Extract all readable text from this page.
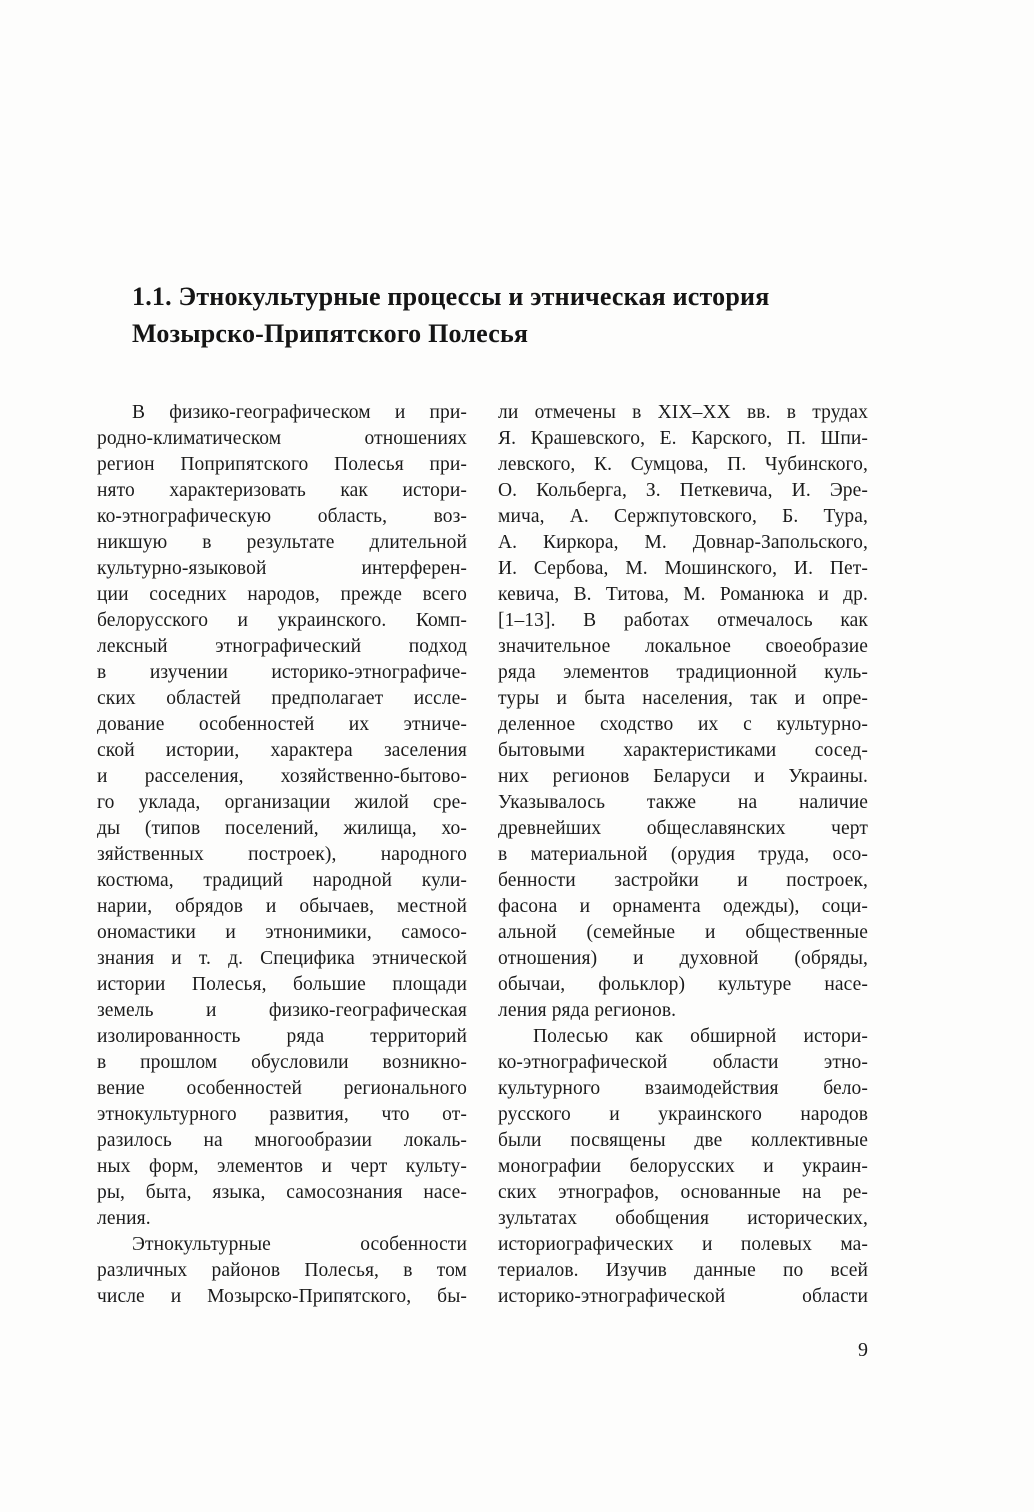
1.1. Этнокультурные процессы и этническая история
Мозырско-Припятского Полесья
В физико-географическом и при-
родно-климатическом отношениях
регион Поприпятского Полесья при-
нято характеризовать как истори-
ко-этнографическую область, воз-
никшую в результате длительной
культурно-языковой интерферен-
ции соседних народов, прежде всего
белорусского и украинского. Комп-
лексный этнографический подход
в изучении историко-этнографиче-
ских областей предполагает иссле-
дование особенностей их этниче-
ской истории, характера заселения
и расселения, хозяйственно-бытово-
го уклада, организации жилой сре-
ды (типов поселений, жилища, хо-
зяйственных построек), народного
костюма, традиций народной кули-
нарии, обрядов и обычаев, местной
ономастики и этнонимики, самосо-
знания и т. д. Специфика этнической
истории Полесья, большие площади
земель и физико-географическая
изолированность ряда территорий
в прошлом обусловили возникно-
вение особенностей регионального
этнокультурного развития, что от-
разилось на многообразии локаль-
ных форм, элементов и черт культу-
ры, быта, языка, самосознания насе-
ления.
Этнокультурные особенности
различных районов Полесья, в том
числе и Мозырско-Припятского, бы-
ли отмечены в XIX–XX вв. в трудах
Я. Крашевского, Е. Карского, П. Шпи-
левского, К. Сумцова, П. Чубинского,
О. Кольберга, З. Петкевича, И. Эре-
мича, А. Сержпутовского, Б. Тура,
А. Киркора, М. Довнар-Запольского,
И. Сербова, М. Мошинского, И. Пет-
кевича, В. Титова, М. Романюка и др.
[1–13]. В работах отмечалось как
значительное локальное своеобразие
ряда элементов традиционной куль-
туры и быта населения, так и опре-
деленное сходство их с культурно-
бытовыми характеристиками сосед-
них регионов Беларуси и Украины.
Указывалось также на наличие
древнейших общеславянских черт
в материальной (орудия труда, осо-
бенности застройки и построек,
фасона и орнамента одежды), соци-
альной (семейные и общественные
отношения) и духовной (обряды,
обычаи, фольклор) культуре насе-
ления ряда регионов.
Полесью как обширной истори-
ко-этнографической области этно-
культурного взаимодействия бело-
русского и украинского народов
были посвящены две коллективные
монографии белорусских и украин-
ских этнографов, основанные на ре-
зультатах обобщения исторических,
историографических и полевых ма-
териалов. Изучив данные по всей
историко-этнографической области
9
